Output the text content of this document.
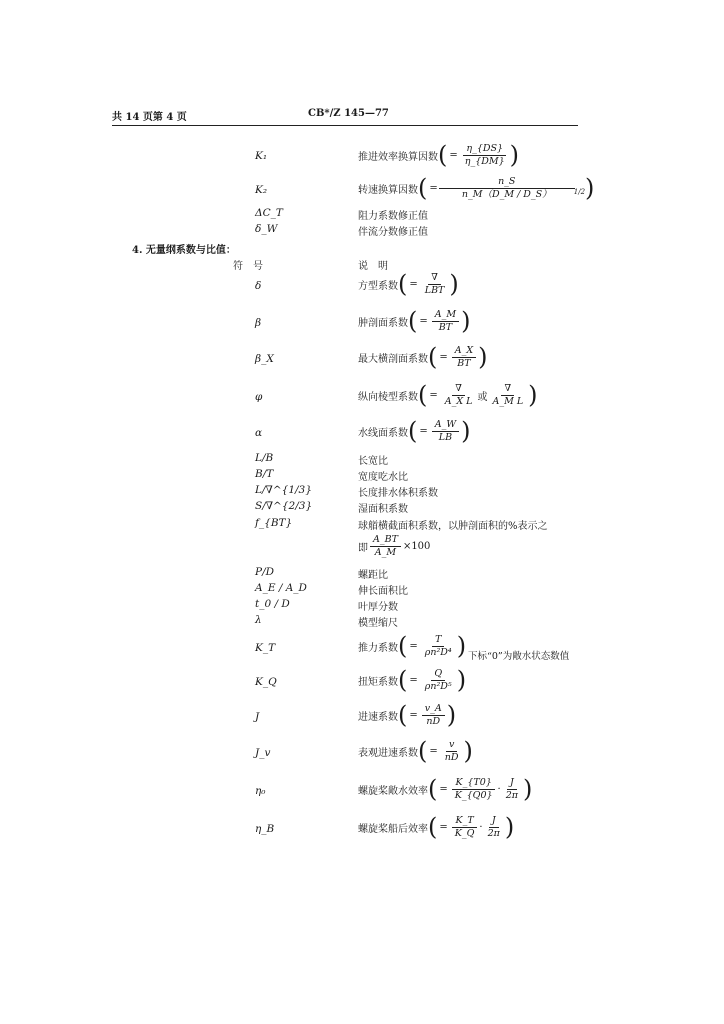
共 14 页第 4 页	CB*/Z 145—77
K₁	推进效率换算因数 ( = $\frac{\eta\_\{DS\}}{\eta\_\{DM\}}$ )
K₂	转速换算因数 ( = $\frac{n\_S}{n\_M(D\_M / D\_S)} 1/2$ )
ΔC_T	阻力系数修正值
δ_W	伴流分数修正值
4. 无量纲系数与比值：
符　号	说　明
δ	方型系数 ( = $\frac{\nabla}{\text{LBT}}$ )
β	肿剖面系数 ( = $\frac{A\_M}{BT}$ )
β_X	最大横剖面系数 ( = $\frac{A\_X}{BT}$ )
φ	纵向棱型系数 ( = $\frac{\nabla}{\text{A\_X L}}$ 或 $\frac{\nabla}{\text{A\_M L}}$ )
α	水线面系数 ( = $\frac{A\_W}{LB}$ )
L/B	长宽比
B/T	宽度吃水比
L/∇^{1/3}	长度排水体积系数
S/∇^{2/3}	湿面积系数
f_{BT}	球艏横截面积系数，以肿剖面积的%表示之
即 $\frac{A\_BT}{A\_M} \times 100$
P/D	螺距比
A_E / A_D	伸长面积比
t_0 / D	叶厚分数
λ	模型缩尺
K_T	推力系数 ( = $\frac{T}{\text{ρn²D⁴}}$ ) 下标“0”为敞水状态数值
K_Q	扭矩系数 ( = $\frac{Q}{\text{ρn²D⁵}}$ )
J	进速系数 ( = $\frac{v\_A}{nD}$ )
J_v	表观进速系数 ( = $\frac{v}{nD}$ )
η₀	螺旋桨敞水效率 ( = $\frac{K\_\{T0\}}{K\_\{Q0\}} \cdot \frac{J}{2\pi}$ )
η_B	螺旋桨船后效率 ( = $\frac{K\_T}{K\_Q} \cdot \frac{J}{2\pi}$ )
